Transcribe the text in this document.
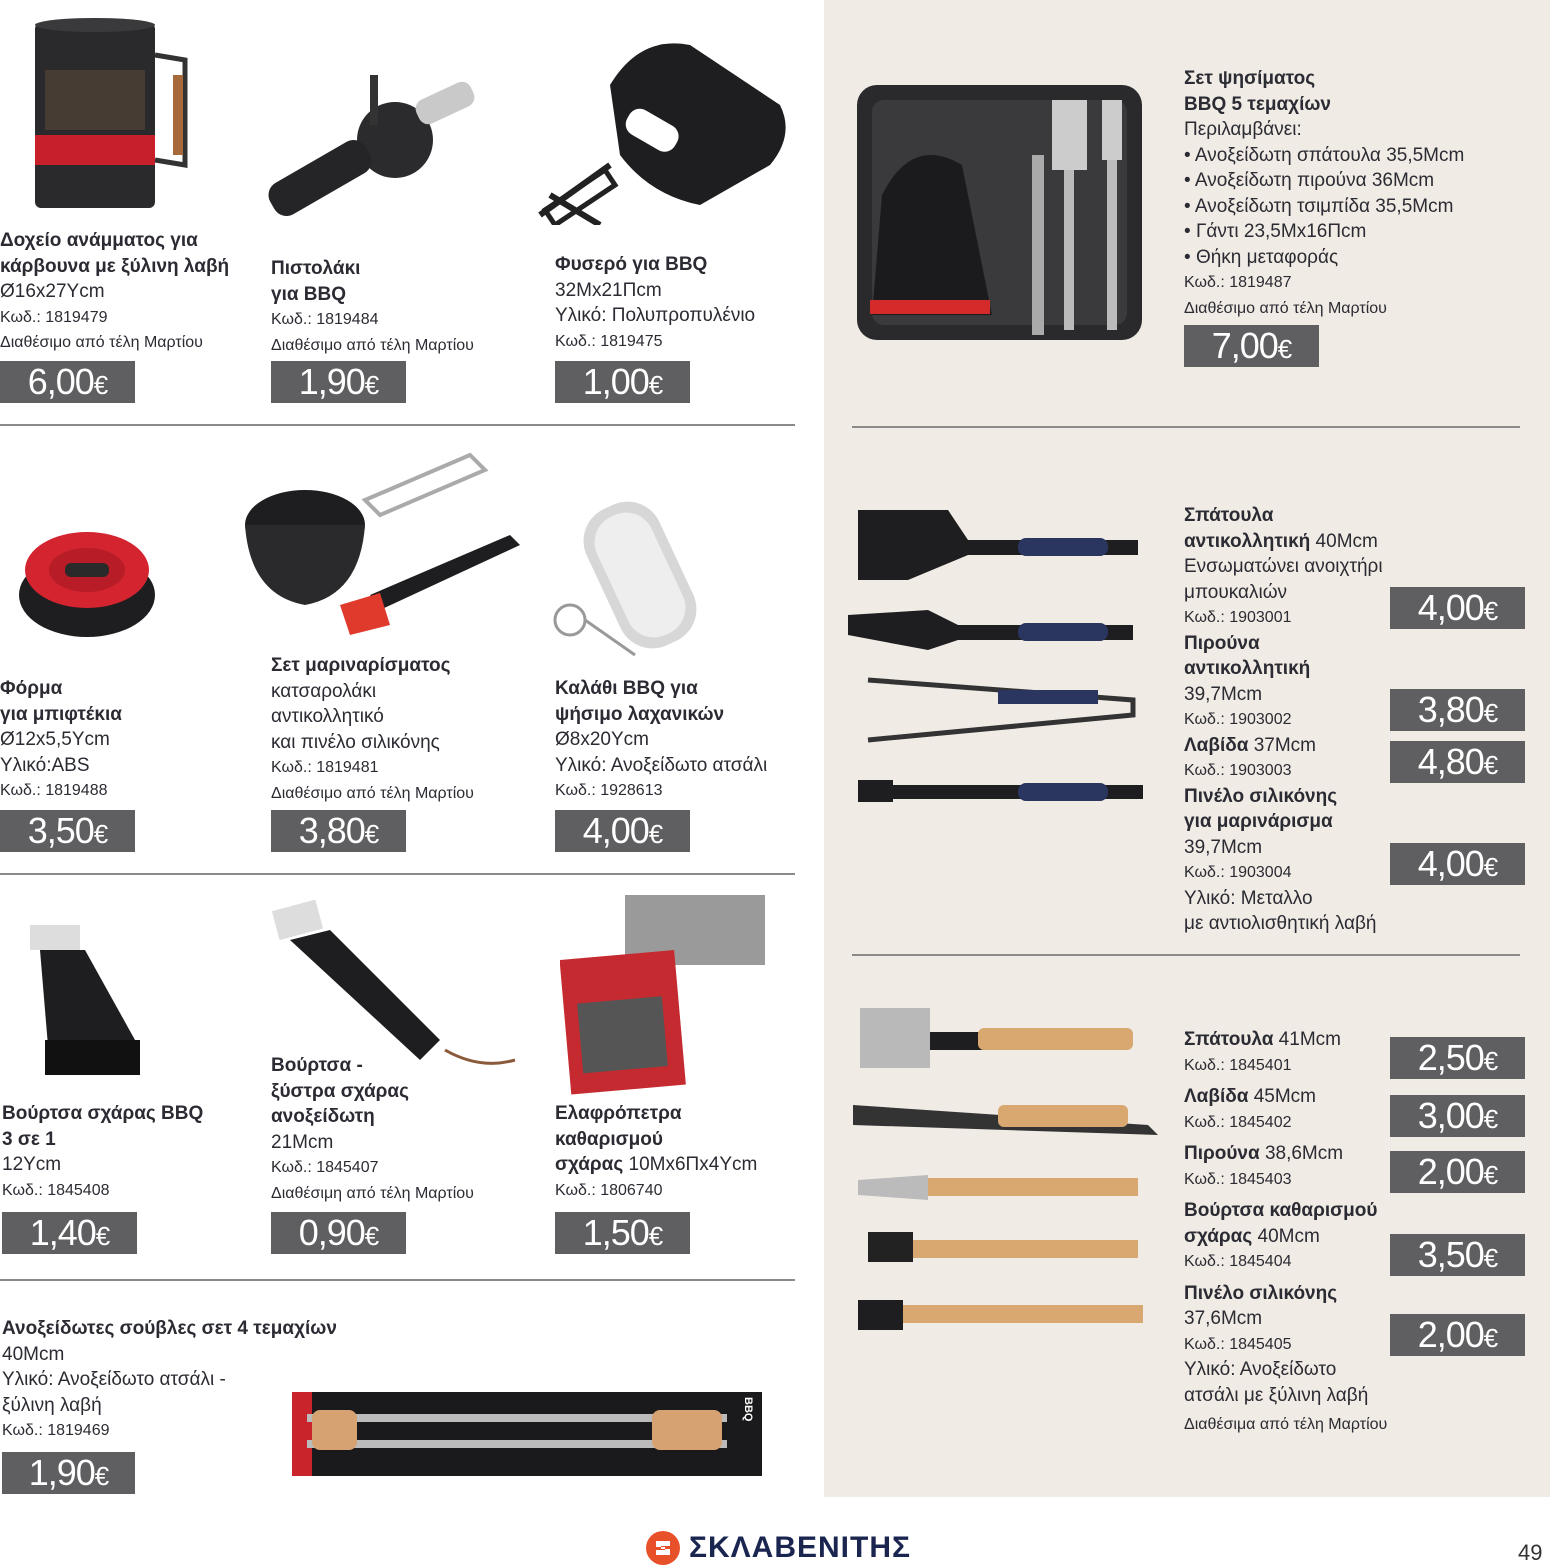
Δοχείο ανάμματος για
κάρβουνα με ξύλινη λαβή
Ø16x27Ycm
Κωδ.: 1819479
Διαθέσιμο από τέλη Μαρτίου
6,00€
Πιστολάκι
για BBQ
Κωδ.: 1819484
Διαθέσιμο από τέλη Μαρτίου
1,90€
Φυσερό για BBQ
32Mx21Πcm
Υλικό: Πολυπροπυλένιο
Κωδ.: 1819475
1,00€
Φόρμα
για μπιφτέκια
Ø12x5,5Ycm
Υλικό:ABS
Κωδ.: 1819488
3,50€
Σετ μαριναρίσματος
κατσαρολάκι
αντικολλητικό
και πινέλο σιλικόνης
Κωδ.: 1819481
Διαθέσιμο από τέλη Μαρτίου
3,80€
Καλάθι BBQ για
ψήσιμο λαχανικών
Ø8x20Ycm
Υλικό: Ανοξείδωτο ατσάλι
Κωδ.: 1928613
4,00€
Βούρτσα σχάρας BBQ
3 σε 1
12Ycm
Κωδ.: 1845408
1,40€
Βούρτσα -
ξύστρα σχάρας
ανοξείδωτη
21Mcm
Κωδ.: 1845407
Διαθέσιμη από τέλη Μαρτίου
0,90€
Ελαφρόπετρα
καθαρισμού
σχάρας 10Mx6Πx4Ycm
Κωδ.: 1806740
1,50€
Ανοξείδωτες σούβλες σετ 4 τεμαχίων
40Mcm
Υλικό: Ανοξείδωτο ατσάλι -
ξύλινη λαβή
Κωδ.: 1819469
1,90€
BBQ
Σετ ψησίματος
BBQ 5 τεμαχίων
Περιλαμβάνει:
• Ανοξείδωτη σπάτουλα 35,5Mcm
• Ανοξείδωτη πιρούνα 36Mcm
• Ανοξείδωτη τσιμπίδα 35,5Mcm
• Γάντι 23,5Mx16Πcm
• Θήκη μεταφοράς
Κωδ.: 1819487
Διαθέσιμο από τέλη Μαρτίου
7,00€
Σπάτουλα
αντικολλητική 40Mcm
Ενσωματώνει ανοιχτήρι
μπουκαλιών
Κωδ.: 1903001
Πιρούνα
αντικολλητική
39,7Mcm
Κωδ.: 1903002
Λαβίδα 37Mcm
Κωδ.: 1903003
Πινέλο σιλικόνης
για μαρινάρισμα
39,7Mcm
Κωδ.: 1903004
Υλικό: Μεταλλο
με αντιολισθητική λαβή
4,00€
3,80€
4,80€
4,00€
Σπάτουλα 41Mcm
Κωδ.: 1845401
Λαβίδα 45Mcm
Κωδ.: 1845402
Πιρούνα 38,6Mcm
Κωδ.: 1845403
Βούρτσα καθαρισμού
σχάρας 40Mcm
Κωδ.: 1845404
Πινέλο σιλικόνης
37,6Mcm
Κωδ.: 1845405
Υλικό: Ανοξείδωτο
ατσάλι με ξύλινη λαβή
Διαθέσιμα από τέλη Μαρτίου
2,50€
3,00€
2,00€
3,50€
2,00€
ΣΚΛΑΒΕΝΙΤΗΣ	49
